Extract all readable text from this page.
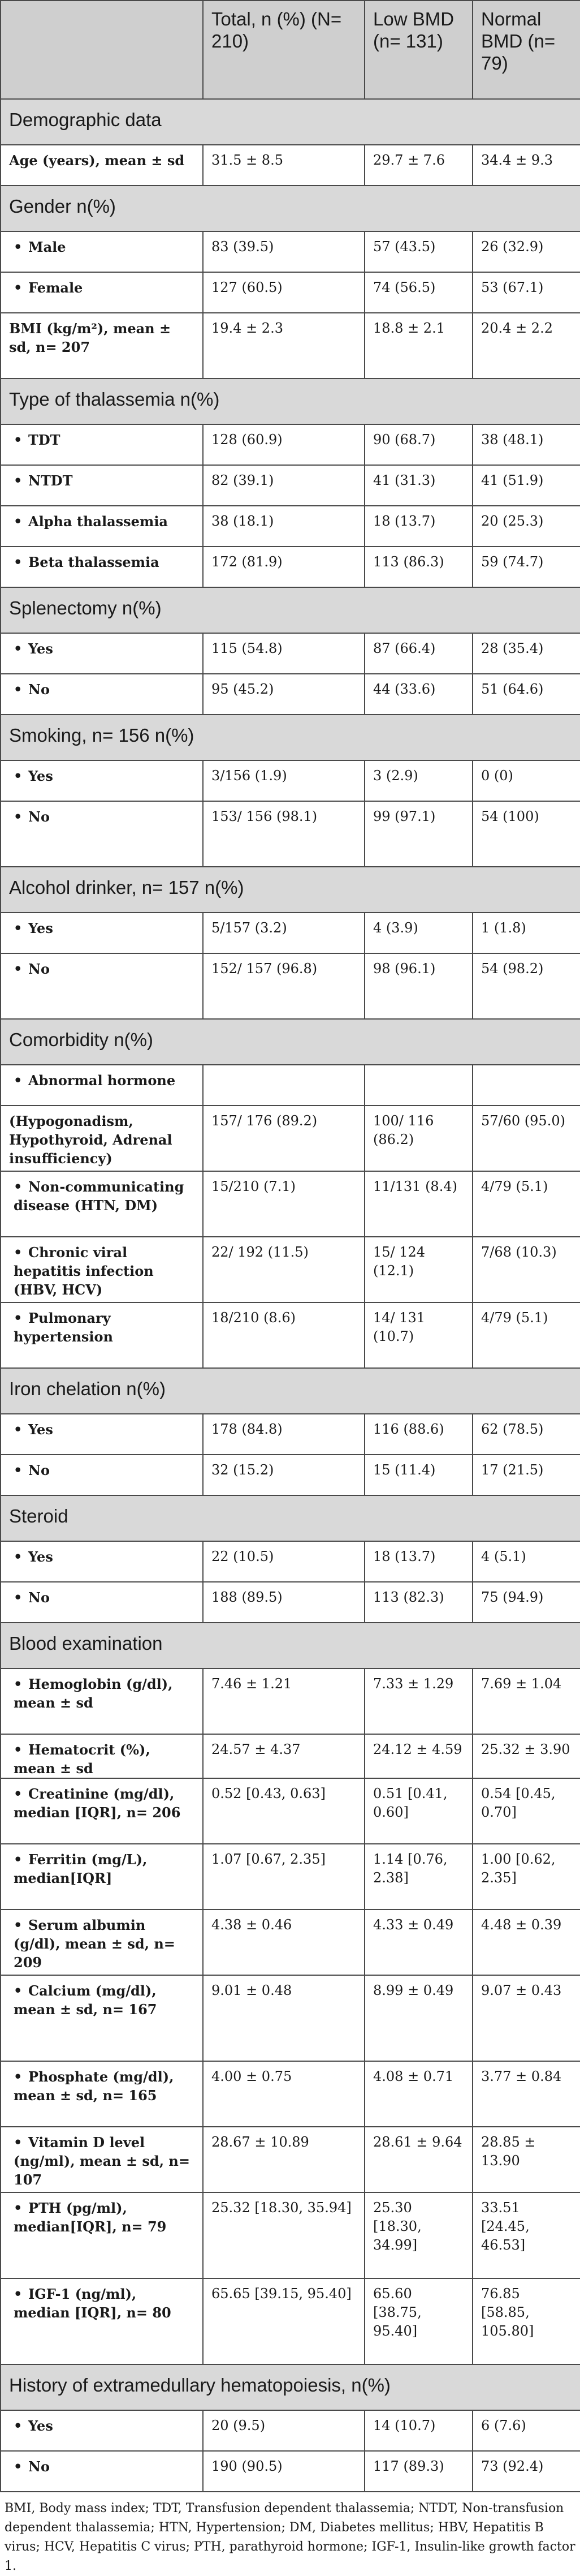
	Total, n (%) (N= 210)	Low BMD (n= 131)	Normal BMD (n= 79)
Demographic data			
Age (years), mean ± sd	31.5 ± 8.5	29.7 ± 7.6	34.4 ± 9.3
Gender n(%)			
• Male	83 (39.5)	57 (43.5)	26 (32.9)
• Female	127 (60.5)	74 (56.5)	53 (67.1)
BMI (kg/m²), mean ± sd, n= 207	19.4 ± 2.3	18.8 ± 2.1	20.4 ± 2.2
Type of thalassemia n(%)			
• TDT	128 (60.9)	90 (68.7)	38 (48.1)
• NTDT	82 (39.1)	41 (31.3)	41 (51.9)
• Alpha thalassemia	38 (18.1)	18 (13.7)	20 (25.3)
• Beta thalassemia	172 (81.9)	113 (86.3)	59 (74.7)
Splenectomy n(%)			
• Yes	115 (54.8)	87 (66.4)	28 (35.4)
• No	95 (45.2)	44 (33.6)	51 (64.6)
Smoking, n= 156 n(%)			
• Yes	3/156 (1.9)	3 (2.9)	0 (0)
• No	153/ 156 (98.1)	99 (97.1)	54 (100)
Alcohol drinker, n= 157 n(%)			
• Yes	5/157 (3.2)	4 (3.9)	1 (1.8)
• No	152/ 157 (96.8)	98 (96.1)	54 (98.2)
Comorbidity n(%)			
• Abnormal hormone			
(Hypogonadism, Hypothyroid, Adrenal insufficiency)	157/ 176 (89.2)	100/ 116 (86.2)	57/60 (95.0)
• Non-communicating disease (HTN, DM)	15/210 (7.1)	11/131 (8.4)	4/79 (5.1)
• Chronic viral hepatitis infection (HBV, HCV)	22/ 192 (11.5)	15/ 124 (12.1)	7/68 (10.3)
• Pulmonary hypertension	18/210 (8.6)	14/ 131 (10.7)	4/79 (5.1)
Iron chelation n(%)			
• Yes	178 (84.8)	116 (88.6)	62 (78.5)
• No	32 (15.2)	15 (11.4)	17 (21.5)
Steroid			
• Yes	22 (10.5)	18 (13.7)	4 (5.1)
• No	188 (89.5)	113 (82.3)	75 (94.9)
Blood examination			
• Hemoglobin (g/dl), mean ± sd	7.46 ± 1.21	7.33 ± 1.29	7.69 ± 1.04
• Hematocrit (%), mean ± sd	24.57 ± 4.37	24.12 ± 4.59	25.32 ± 3.90
• Creatinine (mg/dl), median [IQR], n= 206	0.52 [0.43, 0.63]	0.51 [0.41, 0.60]	0.54 [0.45, 0.70]
• Ferritin (mg/L), median[IQR]	1.07 [0.67, 2.35]	1.14 [0.76, 2.38]	1.00 [0.62, 2.35]
• Serum albumin (g/dl), mean ± sd, n= 209	4.38 ± 0.46	4.33 ± 0.49	4.48 ± 0.39
• Calcium (mg/dl), mean ± sd, n= 167	9.01 ± 0.48	8.99 ± 0.49	9.07 ± 0.43
• Phosphate (mg/dl), mean ± sd, n= 165	4.00 ± 0.75	4.08 ± 0.71	3.77 ± 0.84
• Vitamin D level (ng/ml), mean ± sd, n= 107	28.67 ± 10.89	28.61 ± 9.64	28.85 ± 13.90
• PTH (pg/ml), median[IQR], n= 79	25.32 [18.30, 35.94]	25.30 [18.30, 34.99]	33.51 [24.45, 46.53]
• IGF-1 (ng/ml), median [IQR], n= 80	65.65 [39.15, 95.40]	65.60 [38.75, 95.40]	76.85 [58.85, 105.80]
History of extramedullary hematopoiesis, n(%)			
• Yes	20 (9.5)	14 (10.7)	6 (7.6)
• No	190 (90.5)	117 (89.3)	73 (92.4)
BMI, Body mass index; TDT, Transfusion dependent thalassemia; NTDT, Non-transfusion dependent thalassemia; HTN, Hypertension; DM, Diabetes mellitus; HBV, Hepatitis B virus; HCV, Hepatitis C virus; PTH, parathyroid hormone; IGF-1, Insulin-like growth factor 1.
